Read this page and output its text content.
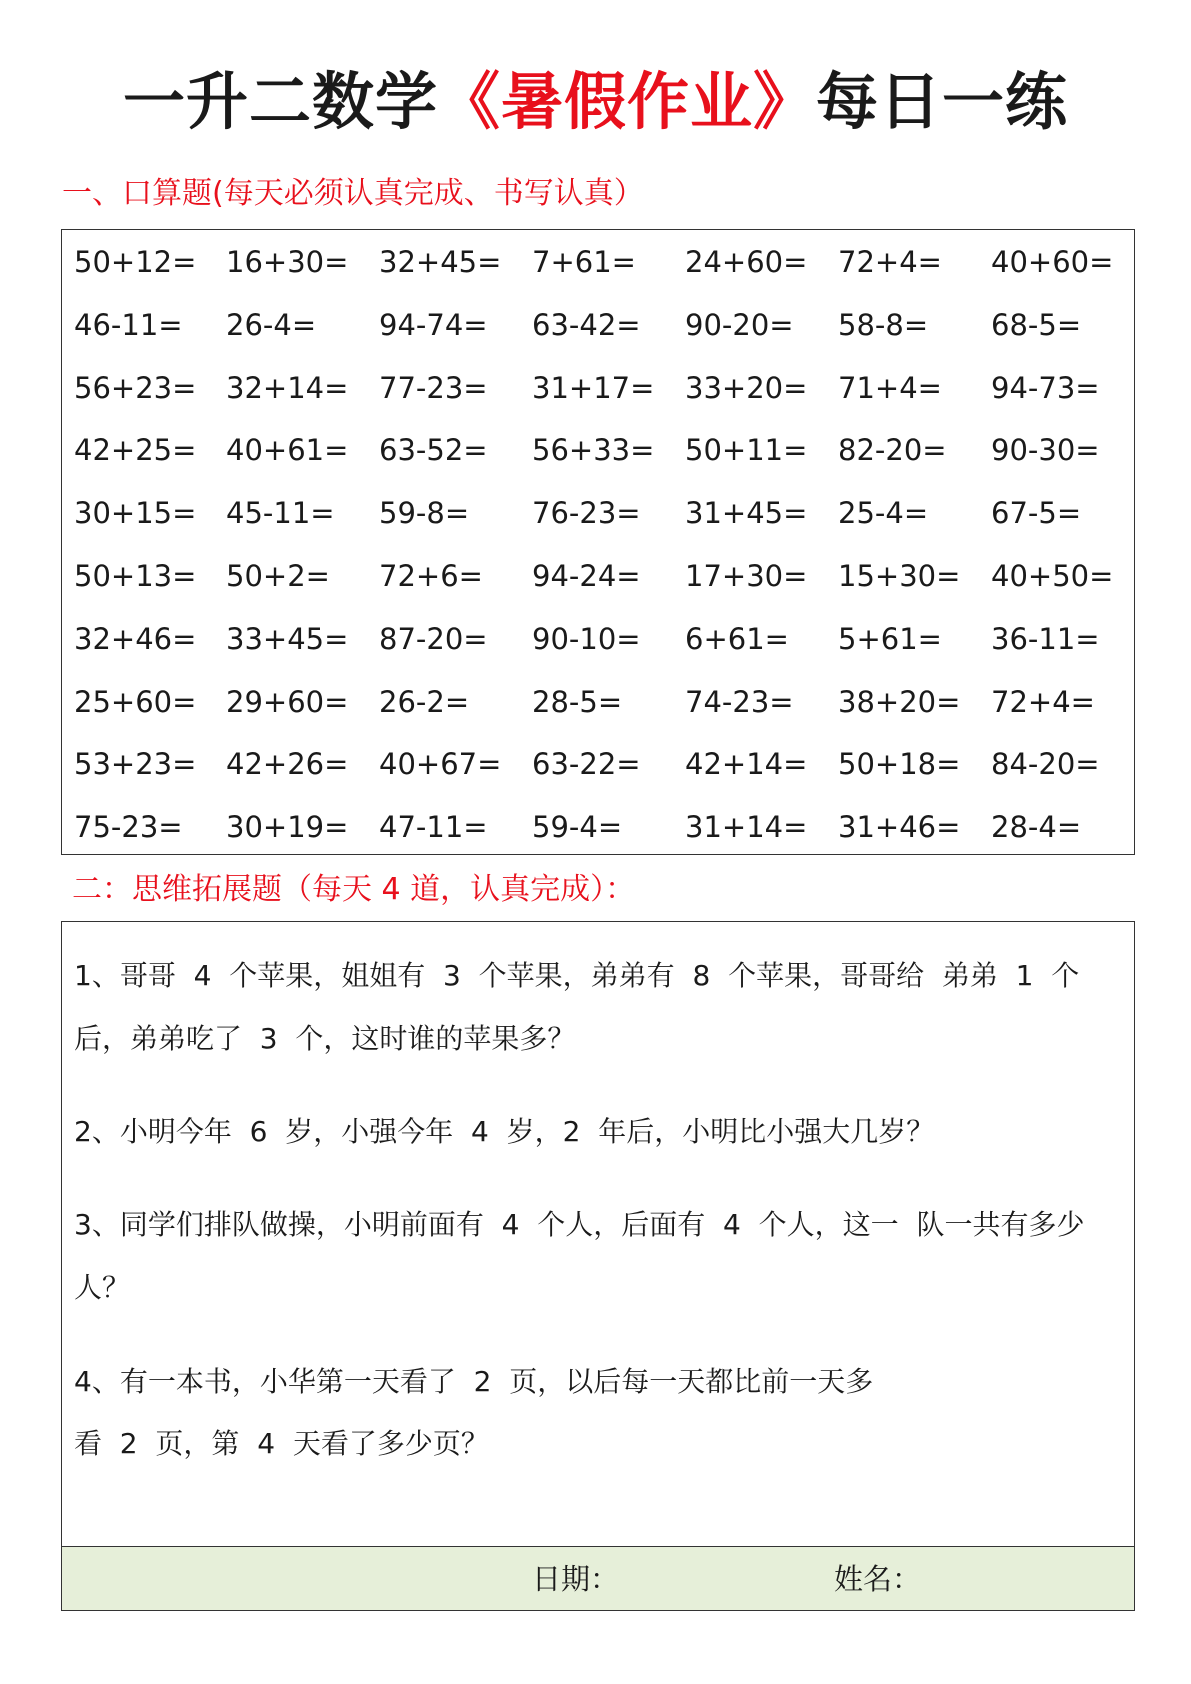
一升二数学《暑假作业》每日一练
一、口算题(每天必须认真完成、书写认真）
50+12= 16+30= 32+45= 7+61= 24+60= 72+4= 40+60=
46-11= 26-4= 94-74= 63-42= 90-20= 58-8= 68-5=
56+23= 32+14= 77-23= 31+17= 33+20= 71+4= 94-73=
42+25= 40+61= 63-52= 56+33= 50+11= 82-20= 90-30=
30+15= 45-11= 59-8= 76-23= 31+45= 25-4= 67-5=
50+13= 50+2= 72+6= 94-24= 17+30= 15+30= 40+50=
32+46= 33+45= 87-20= 90-10= 6+61= 5+61= 36-11=
25+60= 29+60= 26-2= 28-5= 74-23= 38+20= 72+4=
53+23= 42+26= 40+67= 63-22= 42+14= 50+18= 84-20=
75-23= 30+19= 47-11= 59-4= 31+14= 31+46= 28-4=
二：思维拓展题（每天 4 道，认真完成）：
1、哥哥  4  个苹果，姐姐有  3  个苹果，弟弟有  8  个苹果，哥哥给  弟弟  1  个
后，弟弟吃了  3  个，这时谁的苹果多？
2、小明今年  6  岁，小强今年  4  岁，2  年后，小明比小强大几岁？
3、同学们排队做操，小明前面有  4  个人，后面有  4  个人，这一  队一共有多少
人？
4、有一本书，小华第一天看了  2  页，以后每一天都比前一天多
看  2  页，第  4  天看了多少页？
日期：	姓名：
